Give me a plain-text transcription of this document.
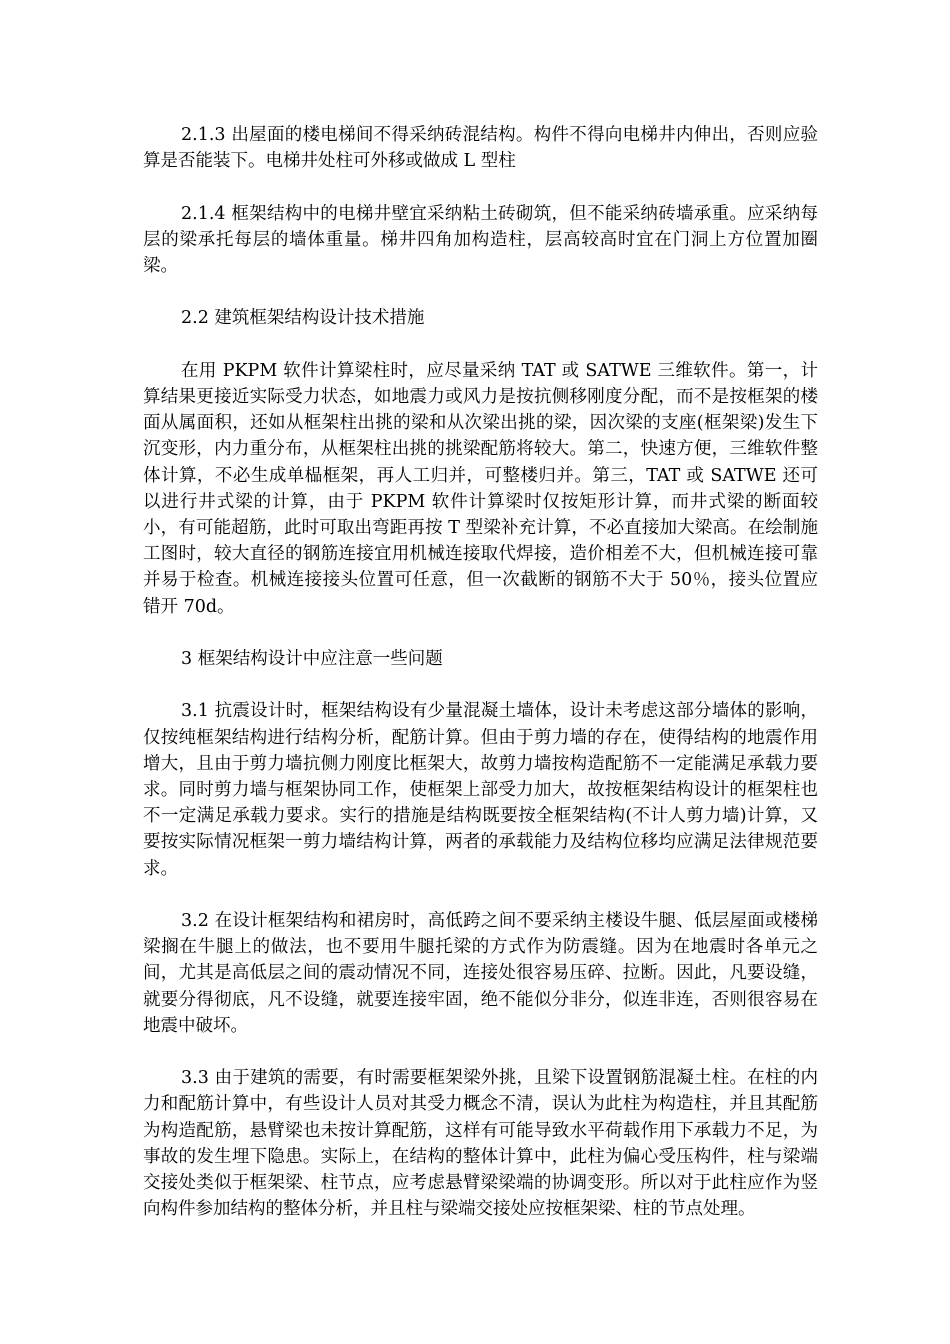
2.1.3 出屋面的楼电梯间不得采纳砖混结构。构件不得向电梯井内伸出，否则应验算是否能装下。电梯井处柱可外移或做成 L 型柱

2.1.4 框架结构中的电梯井壁宜采纳粘土砖砌筑，但不能采纳砖墙承重。应采纳每层的梁承托每层的墙体重量。梯井四角加构造柱，层高较高时宜在门洞上方位置加圈梁。

2.2 建筑框架结构设计技术措施

在用 PKPM 软件计算梁柱时，应尽量采纳 TAT 或 SATWE 三维软件。第一，计算结果更接近实际受力状态，如地震力或风力是按抗侧移刚度分配，而不是按框架的楼面从属面积，还如从框架柱出挑的梁和从次梁出挑的梁，因次梁的支座(框架梁)发生下沉变形，内力重分布，从框架柱出挑的挑梁配筋将较大。第二，快速方便，三维软件整体计算，不必生成单榀框架，再人工归并，可整楼归并。第三，TAT 或 SATWE 还可以进行井式梁的计算，由于 PKPM 软件计算梁时仅按矩形计算，而井式梁的断面较小，有可能超筋，此时可取出弯距再按 T 型梁补充计算，不必直接加大梁高。在绘制施工图时，较大直径的钢筋连接宜用机械连接取代焊接，造价相差不大，但机械连接可靠并易于检查。机械连接接头位置可任意，但一次截断的钢筋不大于 50％，接头位置应错开 70d。

3 框架结构设计中应注意一些问题

3.1 抗震设计时，框架结构设有少量混凝土墙体，设计未考虑这部分墙体的影响，仅按纯框架结构进行结构分析，配筋计算。但由于剪力墙的存在，使得结构的地震作用增大，且由于剪力墙抗侧力刚度比框架大，故剪力墙按构造配筋不一定能满足承载力要求。同时剪力墙与框架协同工作，使框架上部受力加大，故按框架结构设计的框架柱也不一定满足承载力要求。实行的措施是结构既要按全框架结构(不计人剪力墙)计算，又要按实际情况框架一剪力墙结构计算，两者的承载能力及结构位移均应满足法律规范要求。

3.2 在设计框架结构和裙房时，高低跨之间不要采纳主楼设牛腿、低层屋面或楼梯梁搁在牛腿上的做法，也不要用牛腿托梁的方式作为防震缝。因为在地震时各单元之间，尤其是高低层之间的震动情况不同，连接处很容易压碎、拉断。因此，凡要设缝，就要分得彻底，凡不设缝，就要连接牢固，绝不能似分非分，似连非连，否则很容易在地震中破坏。

3.3 由于建筑的需要，有时需要框架梁外挑，且梁下设置钢筋混凝土柱。在柱的内力和配筋计算中，有些设计人员对其受力概念不清，误认为此柱为构造柱，并且其配筋为构造配筋，悬臂梁也未按计算配筋，这样有可能导致水平荷载作用下承载力不足，为事故的发生埋下隐患。实际上，在结构的整体计算中，此柱为偏心受压构件，柱与梁端交接处类似于框架梁、柱节点，应考虑悬臂梁梁端的协调变形。所以对于此柱应作为竖向构件参加结构的整体分析，并且柱与梁端交接处应按框架梁、柱的节点处理。
